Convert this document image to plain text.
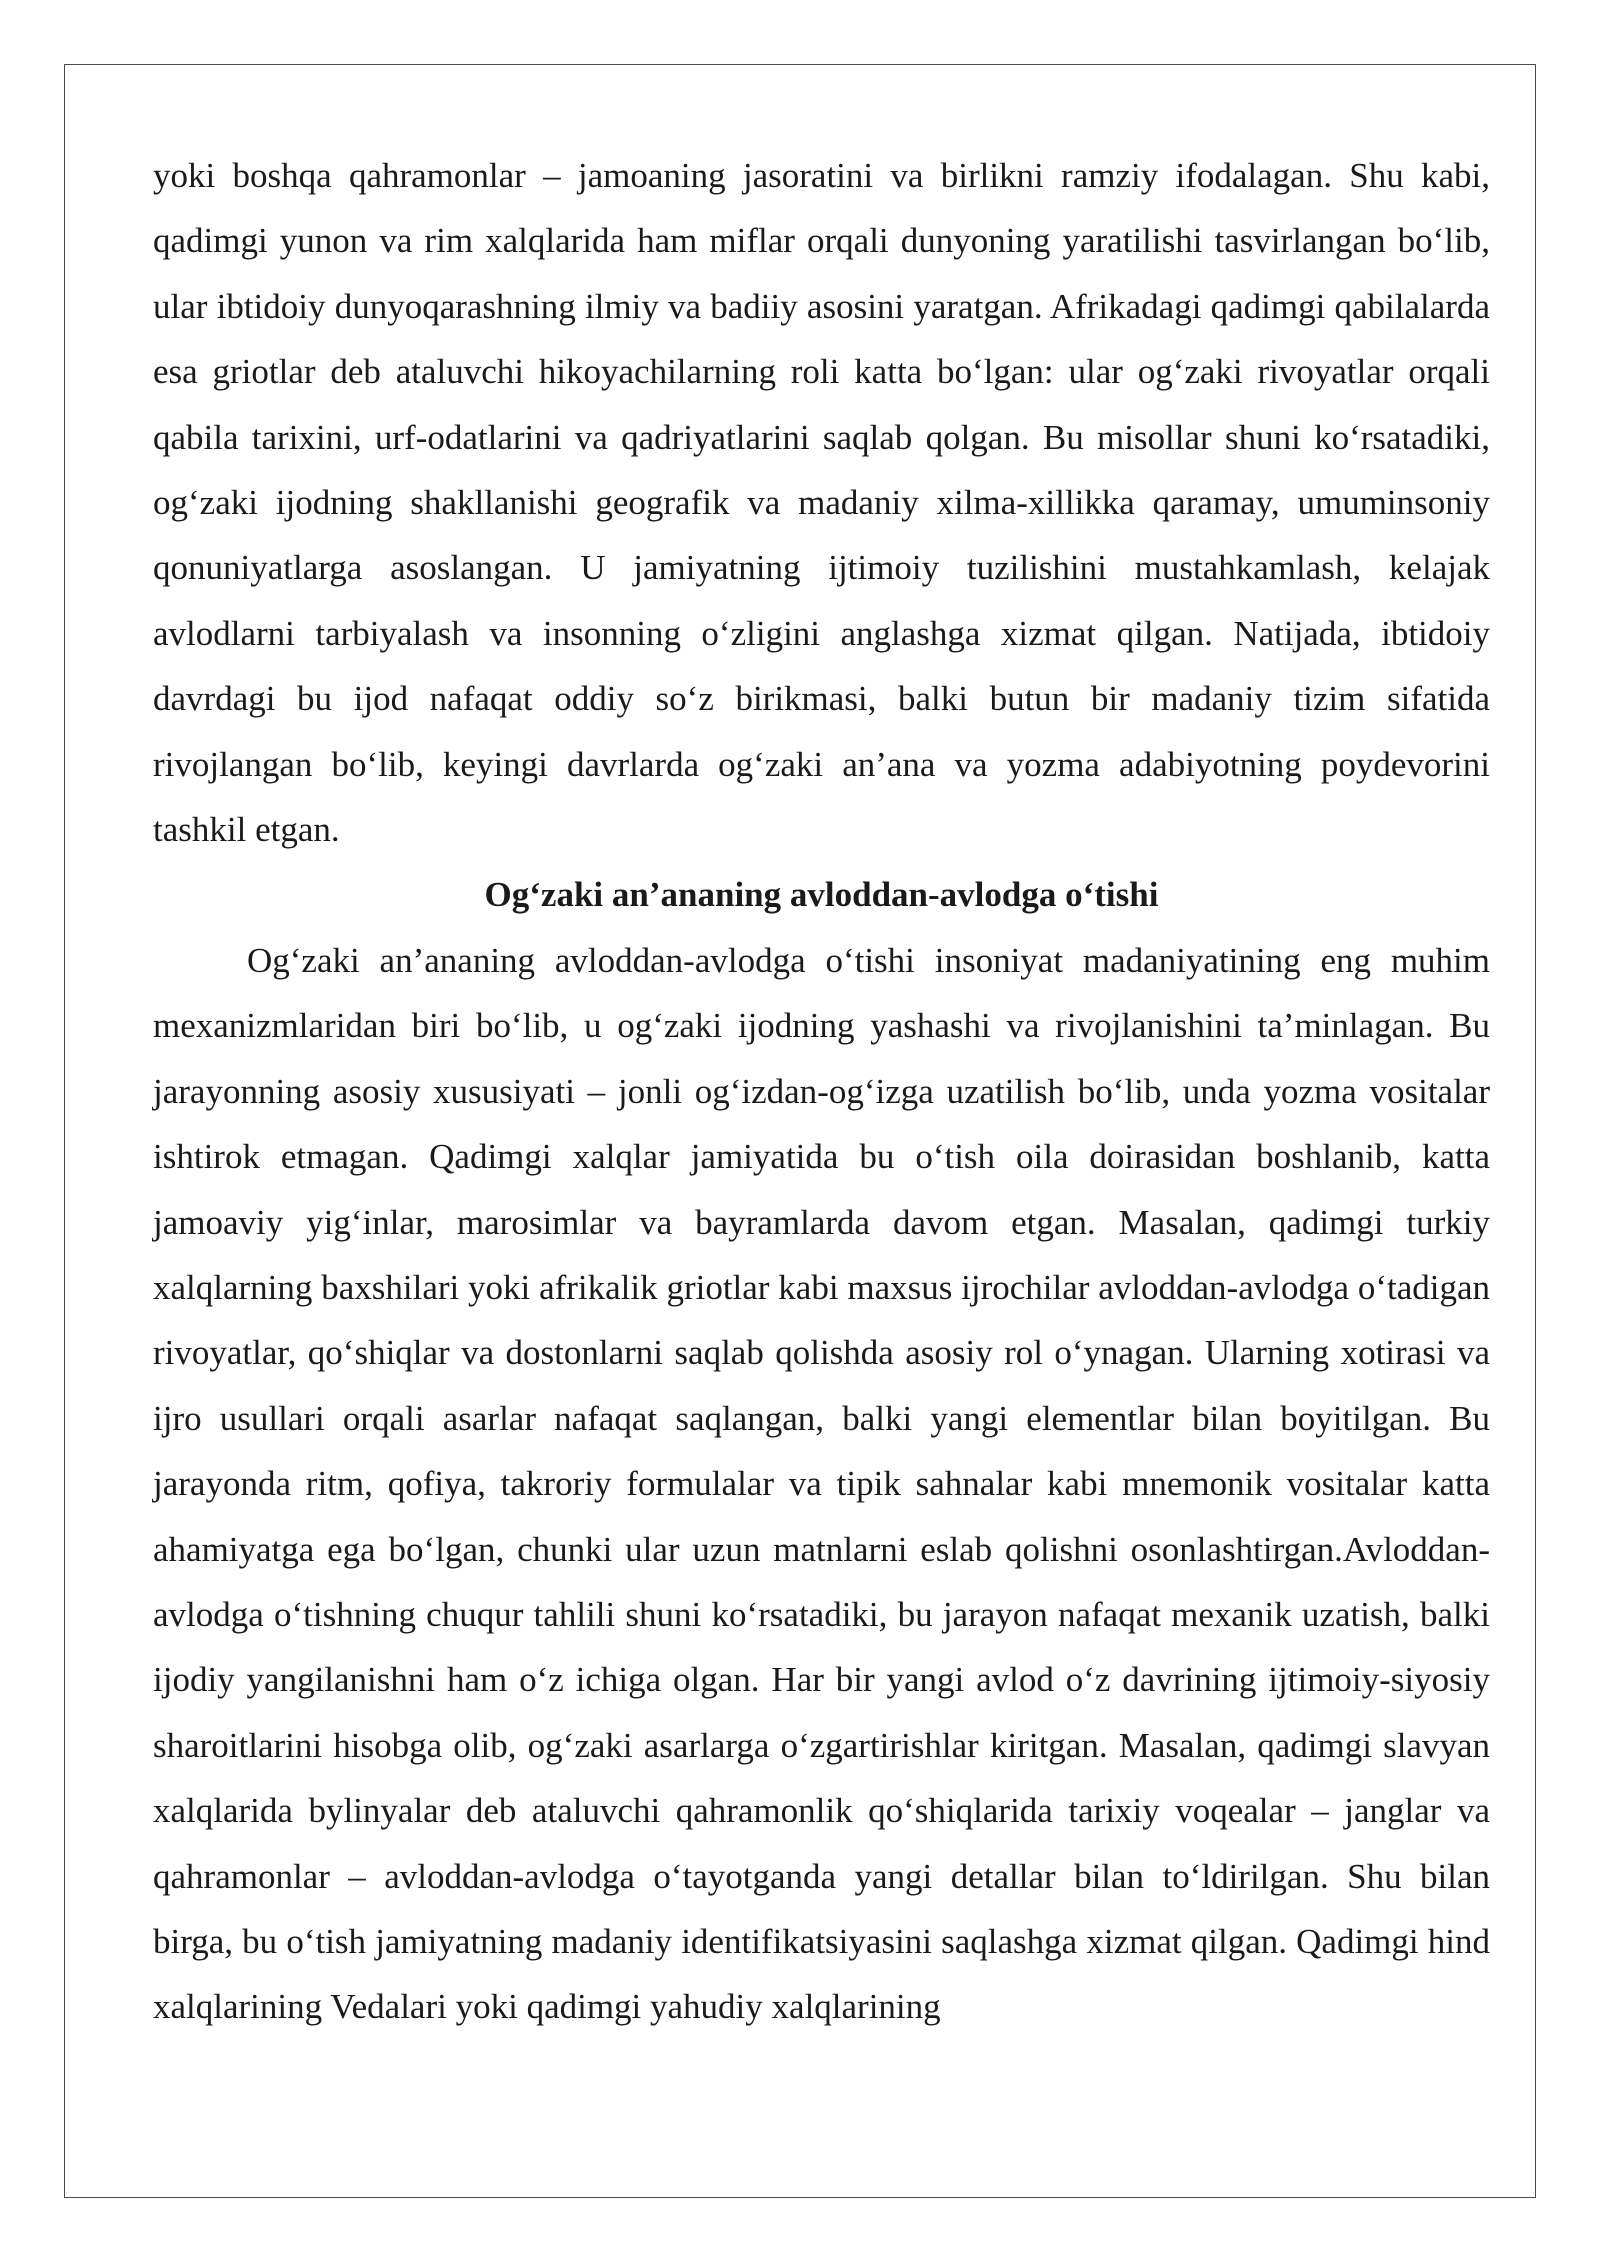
yoki boshqa qahramonlar – jamoaning jasoratini va birlikni ramziy ifodalagan. Shu kabi, qadimgi yunon va rim xalqlarida ham miflar orqali dunyoning yaratilishi tasvirlangan boʻlib, ular ibtidoiy dunyoqarashning ilmiy va badiiy asosini yaratgan. Afrikadagi qadimgi qabilalarda esa griotlar deb ataluvchi hikoyachilarning roli katta boʻlgan: ular ogʻzaki rivoyatlar orqali qabila tarixini, urf-odatlarini va qadriyatlarini saqlab qolgan. Bu misollar shuni koʻrsatadiki, ogʻzaki ijodning shakllanishi geografik va madaniy xilma-xillikka qaramay, umuminsoniy qonuniyatlarga asoslangan. U jamiyatning ijtimoiy tuzilishini mustahkamlash, kelajak avlodlarni tarbiyalash va insonning oʻzligini anglashga xizmat qilgan. Natijada, ibtidoiy davrdagi bu ijod nafaqat oddiy soʻz birikmasi, balki butun bir madaniy tizim sifatida rivojlangan boʻlib, keyingi davrlarda ogʻzaki an’ana va yozma adabiyotning poydevorini tashkil etgan.

Ogʻzaki an’ananing avloddan-avlodga oʻtishi

Ogʻzaki an’ananing avloddan-avlodga oʻtishi insoniyat madaniyatining eng muhim mexanizmlaridan biri boʻlib, u ogʻzaki ijodning yashashi va rivojlanishini ta’minlagan. Bu jarayonning asosiy xususiyati – jonli ogʻizdan-ogʻizga uzatilish boʻlib, unda yozma vositalar ishtirok etmagan. Qadimgi xalqlar jamiyatida bu oʻtish oila doirasidan boshlanib, katta jamoaviy yigʻinlar, marosimlar va bayramlarda davom etgan. Masalan, qadimgi turkiy xalqlarning baxshilari yoki afrikalik griotlar kabi maxsus ijrochilar avloddan-avlodga oʻtadigan rivoyatlar, qoʻshiqlar va dostonlarni saqlab qolishda asosiy rol oʻynagan. Ularning xotirasi va ijro usullari orqali asarlar nafaqat saqlangan, balki yangi elementlar bilan boyitilgan. Bu jarayonda ritm, qofiya, takroriy formulalar va tipik sahnalar kabi mnemonik vositalar katta ahamiyatga ega boʻlgan, chunki ular uzun matnlarni eslab qolishni osonlashtirgan.Avloddan-avlodga oʻtishning chuqur tahlili shuni koʻrsatadiki, bu jarayon nafaqat mexanik uzatish, balki ijodiy yangilanishni ham oʻz ichiga olgan. Har bir yangi avlod oʻz davrining ijtimoiy-siyosiy sharoitlarini hisobga olib, ogʻzaki asarlarga oʻzgartirishlar kiritgan. Masalan, qadimgi slavyan xalqlarida bylinyalar deb ataluvchi qahramonlik qoʻshiqlarida tarixiy voqealar – janglar va qahramonlar – avloddan-avlodga oʻtayotganda yangi detallar bilan toʻldirilgan. Shu bilan birga, bu oʻtish jamiyatning madaniy identifikatsiyasini saqlashga xizmat qilgan. Qadimgi hind xalqlarining Vedalari yoki qadimgi yahudiy xalqlarining
